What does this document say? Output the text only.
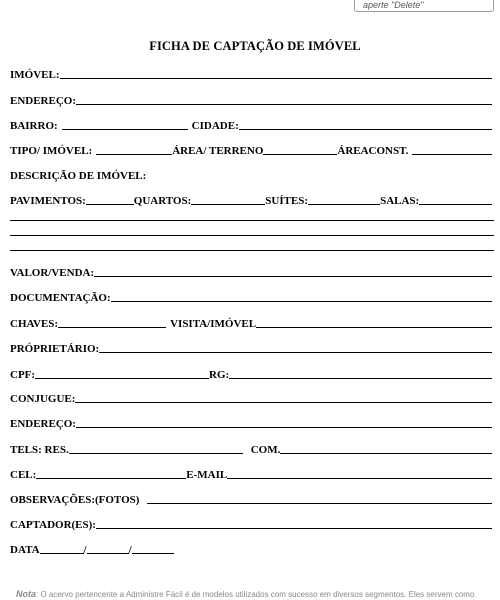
aperte "Delete"
FICHA DE CAPTAÇÃO DE IMÓVEL
IMÓVEL:
ENDEREÇO:
BAIRRO:	CIDADE:
TIPO/ IMÓVEL:	ÁREA/ TERRENO	ÁREACONST.
DESCRIÇÃO DE IMÓVEL:
PAVIMENTOS:	QUARTOS:	SUÍTES:	SALAS:
VALOR/VENDA:
DOCUMENTAÇÃO:
CHAVES:	VISITA/IMÓVEL
PRÓPRIETÁRIO:
CPF:	RG:
CONJUGUE:
ENDEREÇO:
TELS: RES.	COM.
CEL:	E-MAIL
OBSERVAÇÕES:(FOTOS)
CAPTADOR(ES):
DATA	/	/
Nota: O acervo pertencente a Administre Fácil é de modelos utilizados com sucesso em diversos segmentos. Eles servem como
